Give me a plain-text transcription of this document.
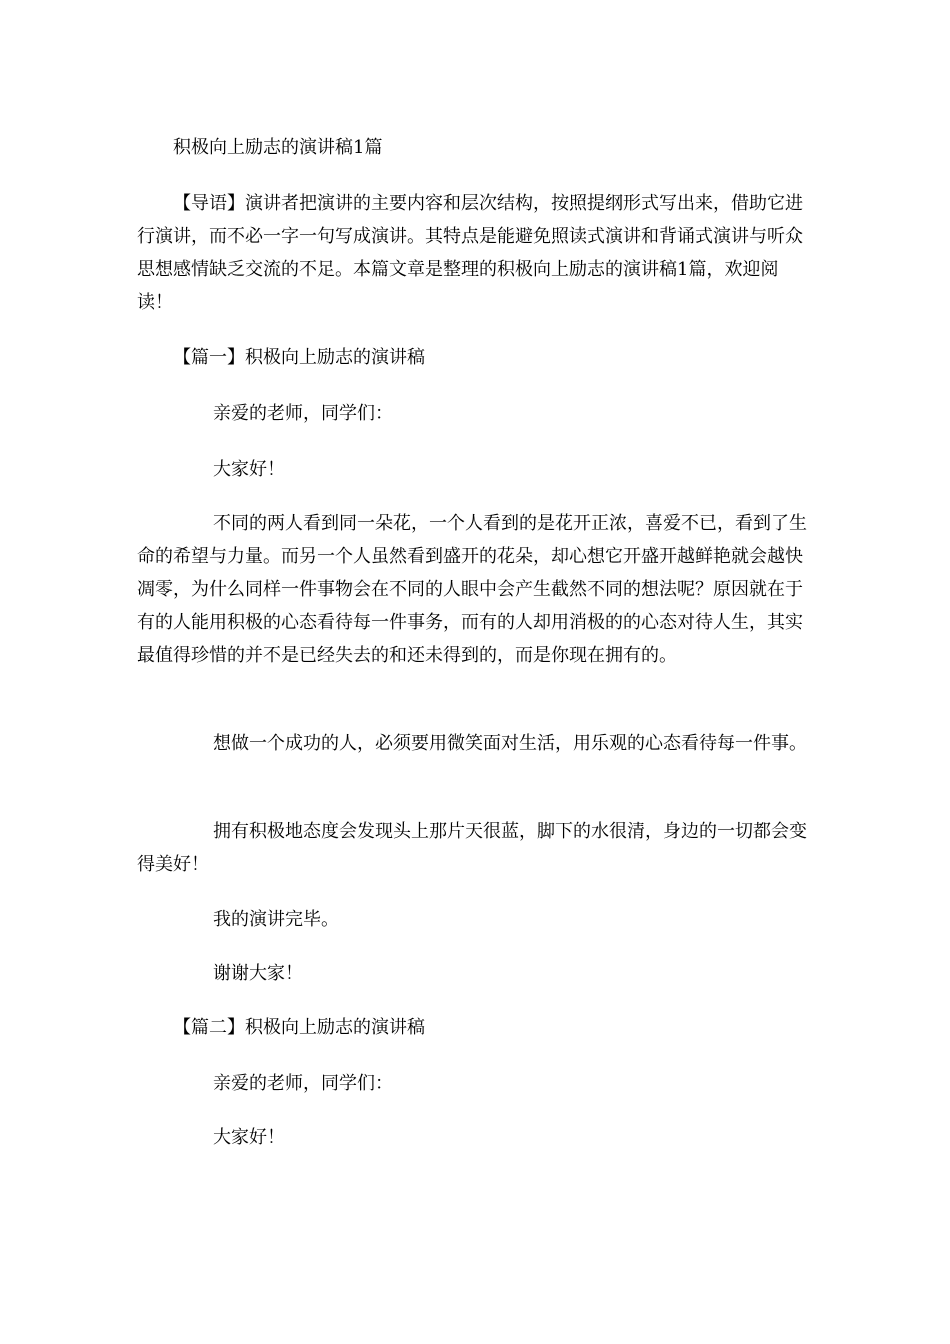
积极向上励志的演讲稿1篇

【导语】演讲者把演讲的主要内容和层次结构，按照提纲形式写出来，借助它进行演讲，而不必一字一句写成演讲。其特点是能避免照读式演讲和背诵式演讲与听众思想感情缺乏交流的不足。本篇文章是整理的积极向上励志的演讲稿1篇，欢迎阅读！

【篇一】积极向上励志的演讲稿

亲爱的老师，同学们：

大家好！

不同的两人看到同一朵花，一个人看到的是花开正浓，喜爱不已，看到了生命的希望与力量。而另一个人虽然看到盛开的花朵，却心想它开盛开越鲜艳就会越快凋零，为什么同样一件事物会在不同的人眼中会产生截然不同的想法呢？原因就在于有的人能用积极的心态看待每一件事务，而有的人却用消极的的心态对待人生，其实最值得珍惜的并不是已经失去的和还未得到的，而是你现在拥有的。

想做一个成功的人，必须要用微笑面对生活，用乐观的心态看待每一件事。

拥有积极地态度会发现头上那片天很蓝，脚下的水很清，身边的一切都会变得美好！

我的演讲完毕。

谢谢大家！

【篇二】积极向上励志的演讲稿

亲爱的老师，同学们：

大家好！
